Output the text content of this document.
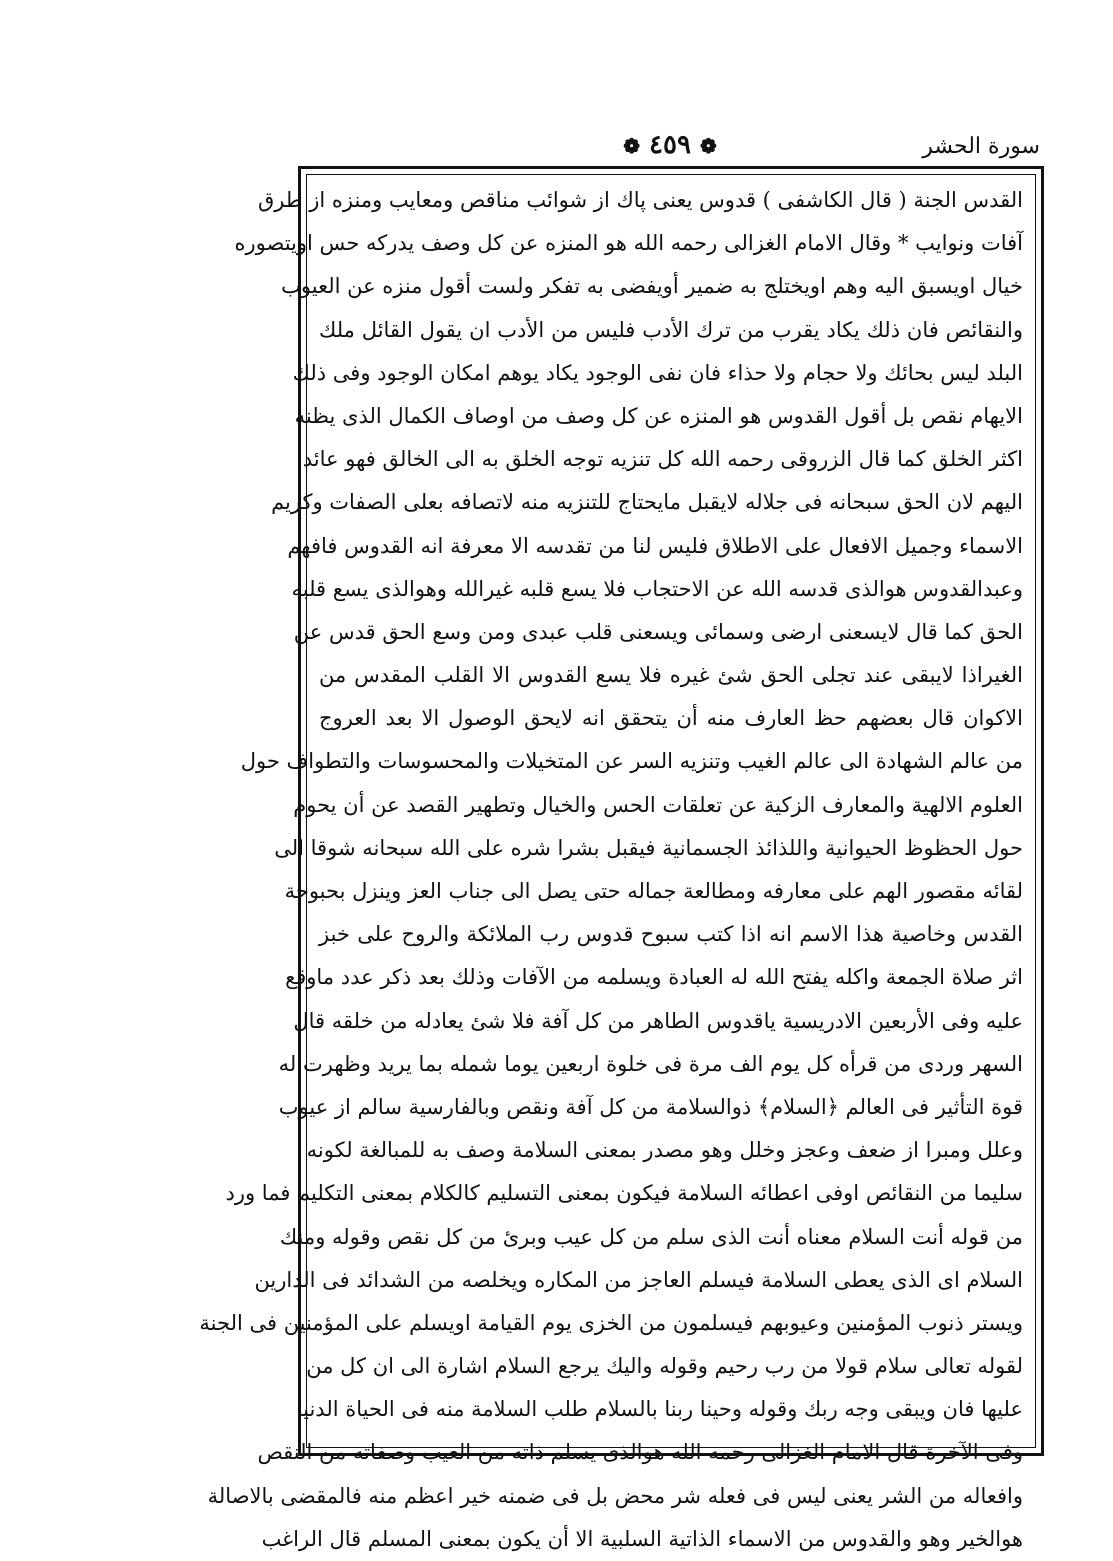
سورة الحشر
❁ ٤٥٩ ❁
القدس الجنة ( قال الكاشفى ) قدوس يعنى پاك از شوائب مناقص ومعايب ومنزه از طرق
آفات ونوايب * وقال الامام الغزالى رحمه الله هو المنزه عن كل وصف يدركه حس اويتصوره
خيال اويسبق اليه وهم اويختلج به ضمير أويفضى به تفكر ولست أقول منزه عن العيوب
والنقائص فان ذلك يكاد يقرب من ترك الأدب فليس من الأدب ان يقول القائل ملك
البلد ليس بحائك ولا حجام ولا حذاء فان نفى الوجود يكاد يوهم امكان الوجود وفى ذلك
الايهام نقص بل أقول القدوس هو المنزه عن كل وصف من اوصاف الكمال الذى يظنه
اكثر الخلق كما قال الزروقى رحمه الله كل تنزيه توجه الخلق به الى الخالق فهو عائد
اليهم لان الحق سبحانه فى جلاله لايقبل مايحتاج للتنزيه منه لاتصافه بعلى الصفات وكريم
الاسماء وجميل الافعال على الاطلاق فليس لنا من تقدسه الا معرفة انه القدوس فافهم
وعبدالقدوس هوالذى قدسه الله عن الاحتجاب فلا يسع قلبه غيرالله وهوالذى يسع قلبه
الحق كما قال لايسعنى ارضى وسمائى ويسعنى قلب عبدى ومن وسع الحق قدس عن
الغيراذا لايبقى عند تجلى الحق شئ غيره فلا يسع القدوس الا القلب المقدس من
الاكوان قال بعضهم حظ العارف منه أن يتحقق انه لايحق الوصول الا بعد العروج
من عالم الشهادة الى عالم الغيب وتنزيه السر عن المتخيلات والمحسوسات والتطواف حول
العلوم الالهية والمعارف الزكية عن تعلقات الحس والخيال وتطهير القصد عن أن يحوم
حول الحظوظ الحيوانية واللذائذ الجسمانية فيقبل بشرا شره على الله سبحانه شوقا الى
لقائه مقصور الهم على معارفه ومطالعة جماله حتى يصل الى جناب العز وينزل بحبوحة
القدس وخاصية هذا الاسم انه اذا كتب سبوح قدوس رب الملائكة والروح على خبز
اثر صلاة الجمعة واكله يفتح الله له العبادة ويسلمه من الآفات وذلك بعد ذكر عدد ماوقع
عليه وفى الأربعين الادريسية ياقدوس الطاهر من كل آفة فلا شئ يعادله من خلقه قال
السهر وردى من قرأه كل يوم الف مرة فى خلوة اربعين يوما شمله بما يريد وظهرت له
قوة التأثير فى العالم ﴿السلام﴾ ذوالسلامة من كل آفة ونقص وبالفارسية سالم از عيوب
وعلل ومبرا از ضعف وعجز وخلل وهو مصدر بمعنى السلامة وصف به للمبالغة لكونه
سليما من النقائص اوفى اعطائه السلامة فيكون بمعنى التسليم كالكلام بمعنى التكليم فما ورد
من قوله أنت السلام معناه أنت الذى سلم من كل عيب وبرئ من كل نقص وقوله ومنك
السلام اى الذى يعطى السلامة فيسلم العاجز من المكاره ويخلصه من الشدائد فى الدارين
ويستر ذنوب المؤمنين وعيوبهم فيسلمون من الخزى يوم القيامة اويسلم على المؤمنين فى الجنة
لقوله تعالى سلام قولا من رب رحيم وقوله واليك يرجع السلام اشارة الى ان كل من
عليها فان ويبقى وجه ربك وقوله وحينا ربنا بالسلام طلب السلامة منه فى الحياة الدنيا
وفى الآخرة قال الامام الغزالى رحمه الله هوالذى يسلم ذاته من العيب وصفاته من النقص
وافعاله من الشر يعنى ليس فى فعله شر محض بل فى ضمنه خير اعظم منه فالمقضى بالاصالة
هوالخير وهو والقدوس من الاسماء الذاتية السلبية الا أن يكون بمعنى المسلم قال الراغب
